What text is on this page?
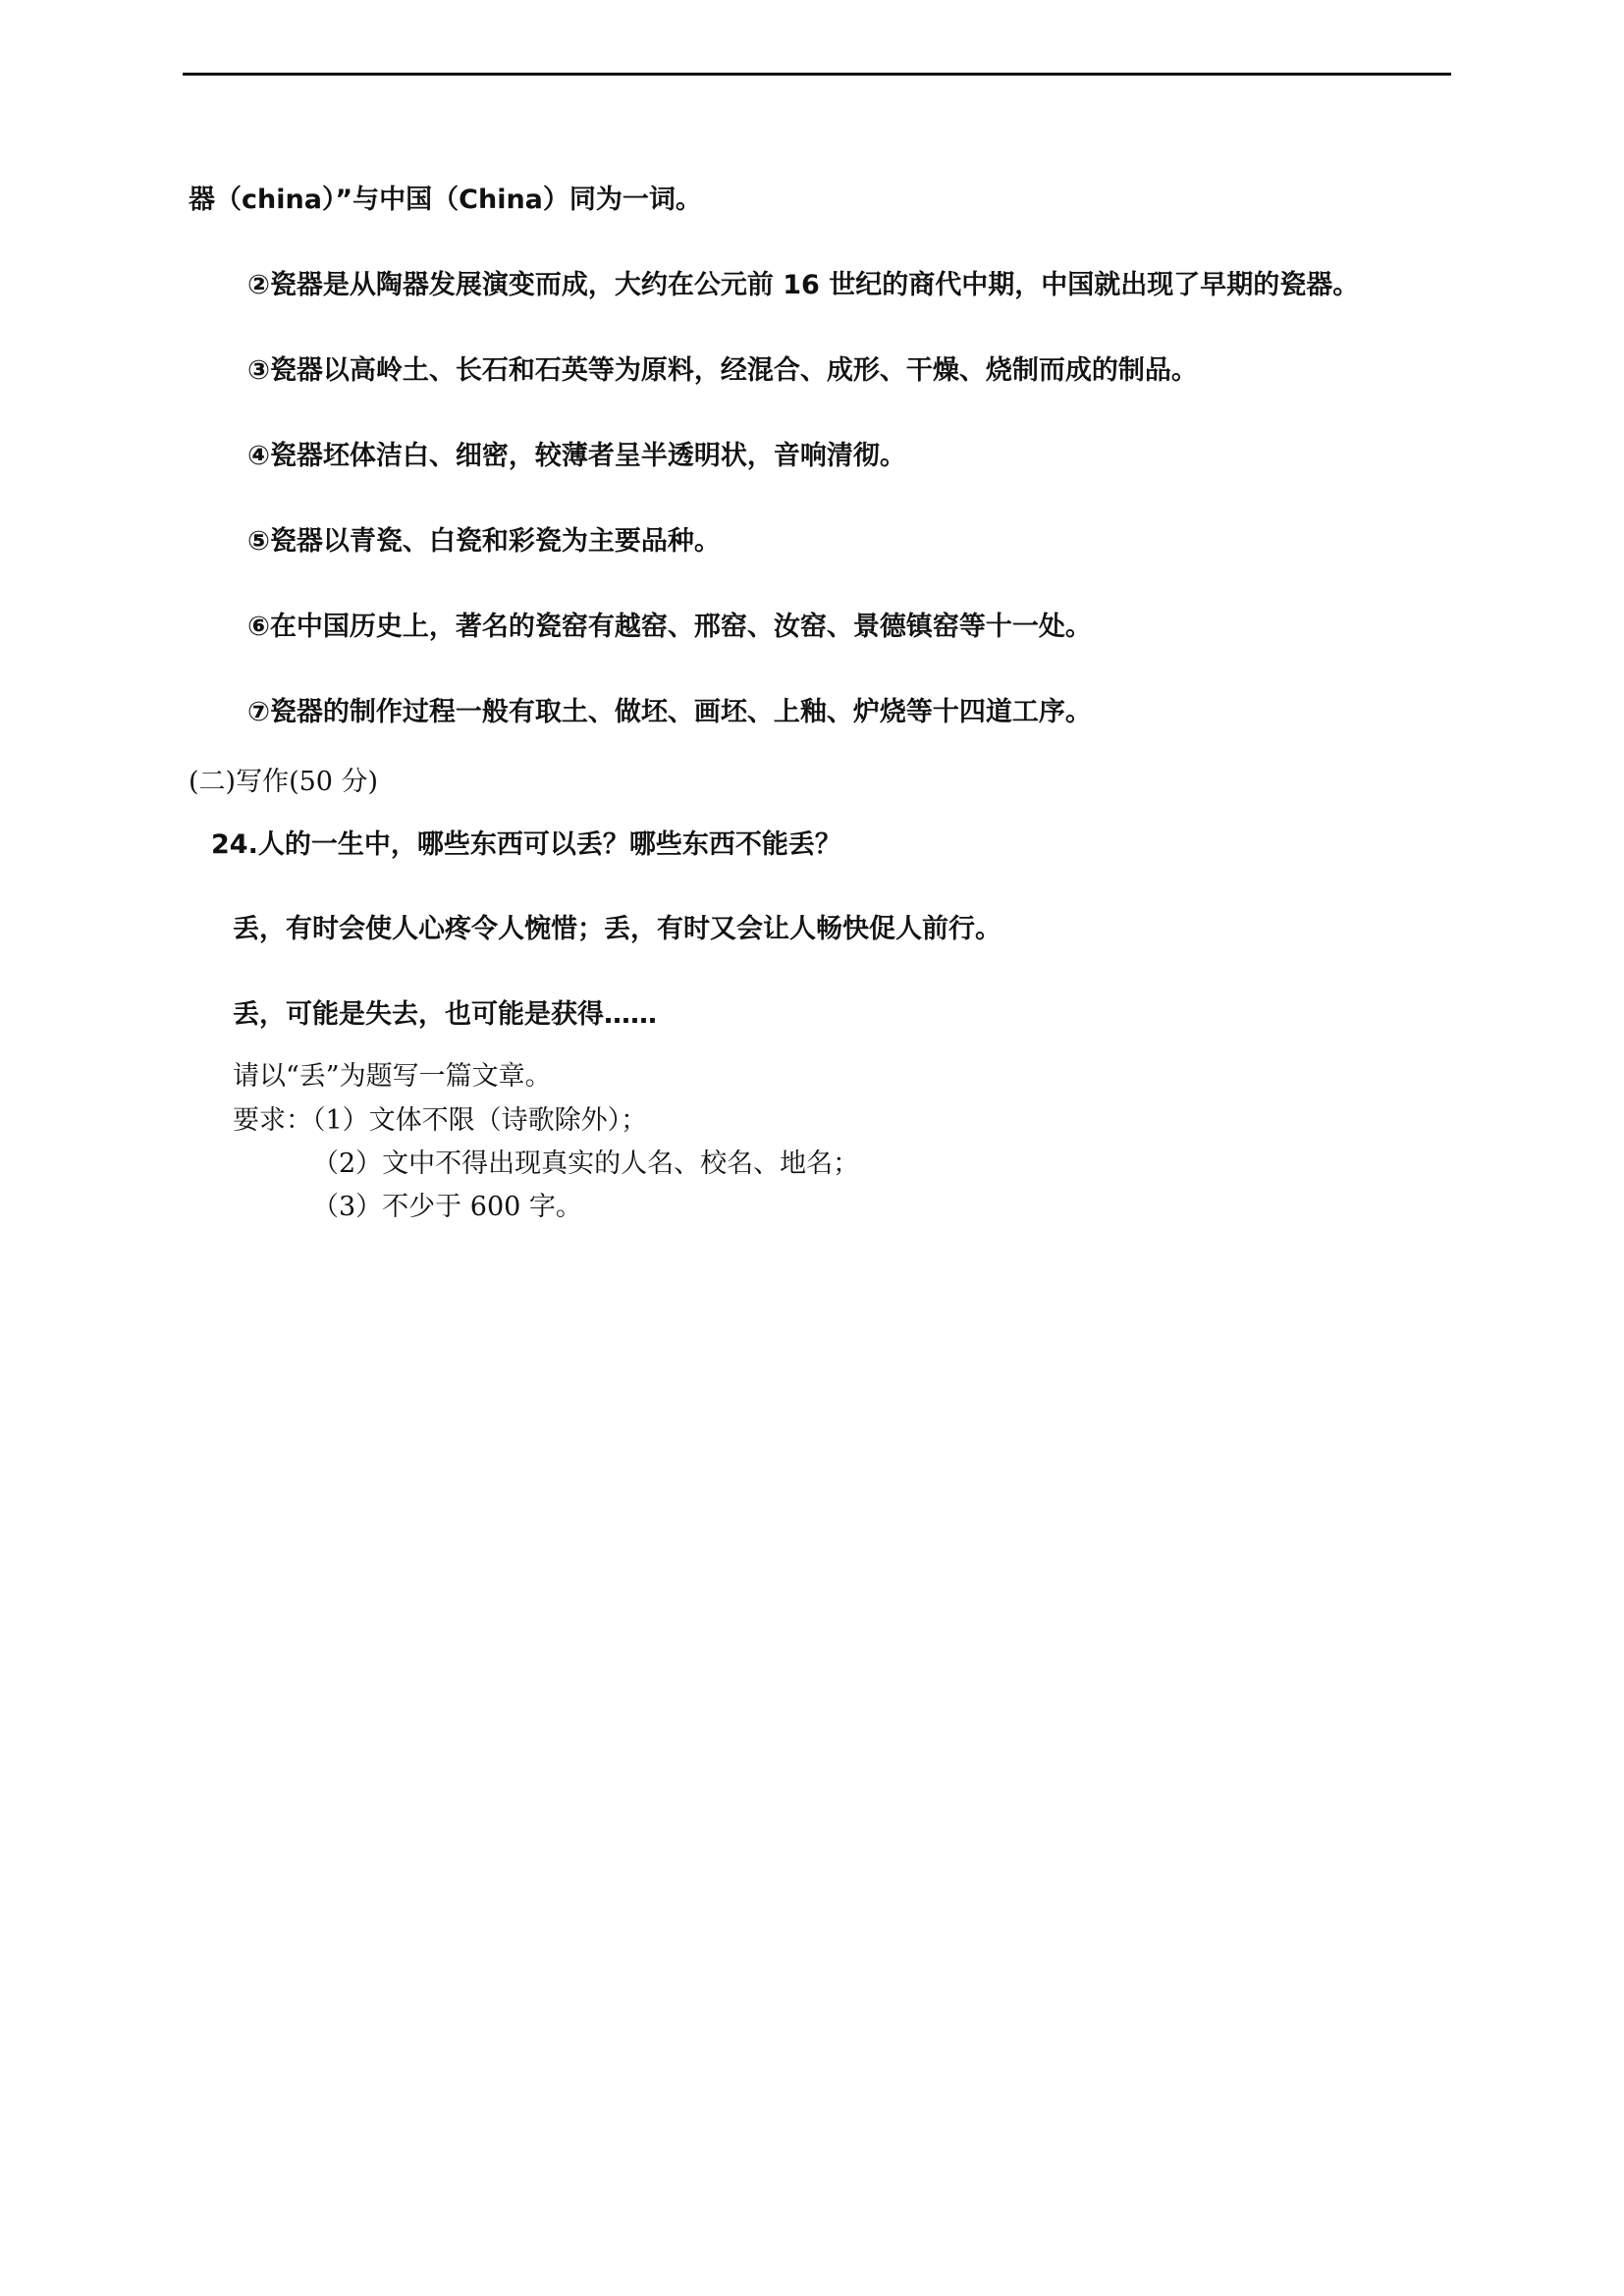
器（china）”与中国（China）同为一词。
②瓷器是从陶器发展演变而成，大约在公元前 16 世纪的商代中期，中国就出现了早期的瓷器。
③瓷器以高岭土、长石和石英等为原料，经混合、成形、干燥、烧制而成的制品。
④瓷器坯体洁白、细密，较薄者呈半透明状，音响清彻。
⑤瓷器以青瓷、白瓷和彩瓷为主要品种。
⑥在中国历史上，著名的瓷窑有越窑、邢窑、汝窑、景德镇窑等十一处。
⑦瓷器的制作过程一般有取土、做坯、画坯、上釉、炉烧等十四道工序。
(二)写作(50 分)
24.人的一生中，哪些东西可以丢？哪些东西不能丢？
丢，有时会使人心疼令人惋惜；丢，有时又会让人畅快促人前行。
丢，可能是失去，也可能是获得……
请以“丢”为题写一篇文章。
要求：（1）文体不限（诗歌除外）；
（2）文中不得出现真实的人名、校名、地名；
（3）不少于 600 字。
